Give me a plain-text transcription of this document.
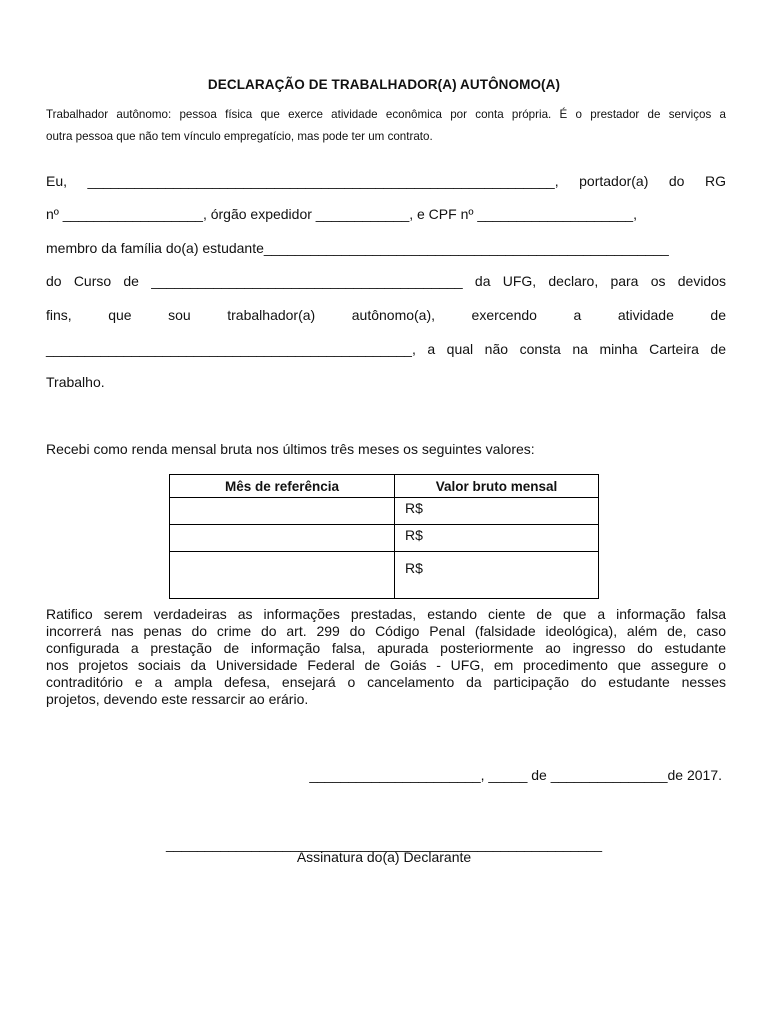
DECLARAÇÃO DE TRABALHADOR(A) AUTÔNOMO(A)
Trabalhador autônomo: pessoa física que exerce atividade econômica por conta própria. É o prestador de serviços a
outra pessoa que não tem vínculo empregatício, mas pode ter um contrato.
Eu, ____________________________________________________________, portador(a) do RG
nº __________________, órgão expedidor ____________, e CPF nº ____________________,
membro da família do(a) estudante____________________________________________________
do Curso de ________________________________________ da UFG, declaro, para os devidos
fins, que sou trabalhador(a) autônomo(a), exercendo a atividade de
_______________________________________________, a qual não consta na minha Carteira de
Trabalho.
Recebi como renda mensal bruta nos últimos três meses os seguintes valores:
Mês de referência	Valor bruto mensal
	R$
	R$
	R$
Ratifico serem verdadeiras as informações prestadas, estando ciente de que a informação falsa
incorrerá nas penas do crime do art. 299 do Código Penal (falsidade ideológica), além de, caso
configurada a prestação de informação falsa, apurada posteriormente ao ingresso do estudante
nos projetos sociais da Universidade Federal de Goiás - UFG, em procedimento que assegure o
contraditório e a ampla defesa, ensejará o cancelamento da participação do estudante nesses
projetos, devendo este ressarcir ao erário.
______________________, _____ de _______________de 2017.
________________________________________________________
Assinatura do(a) Declarante
